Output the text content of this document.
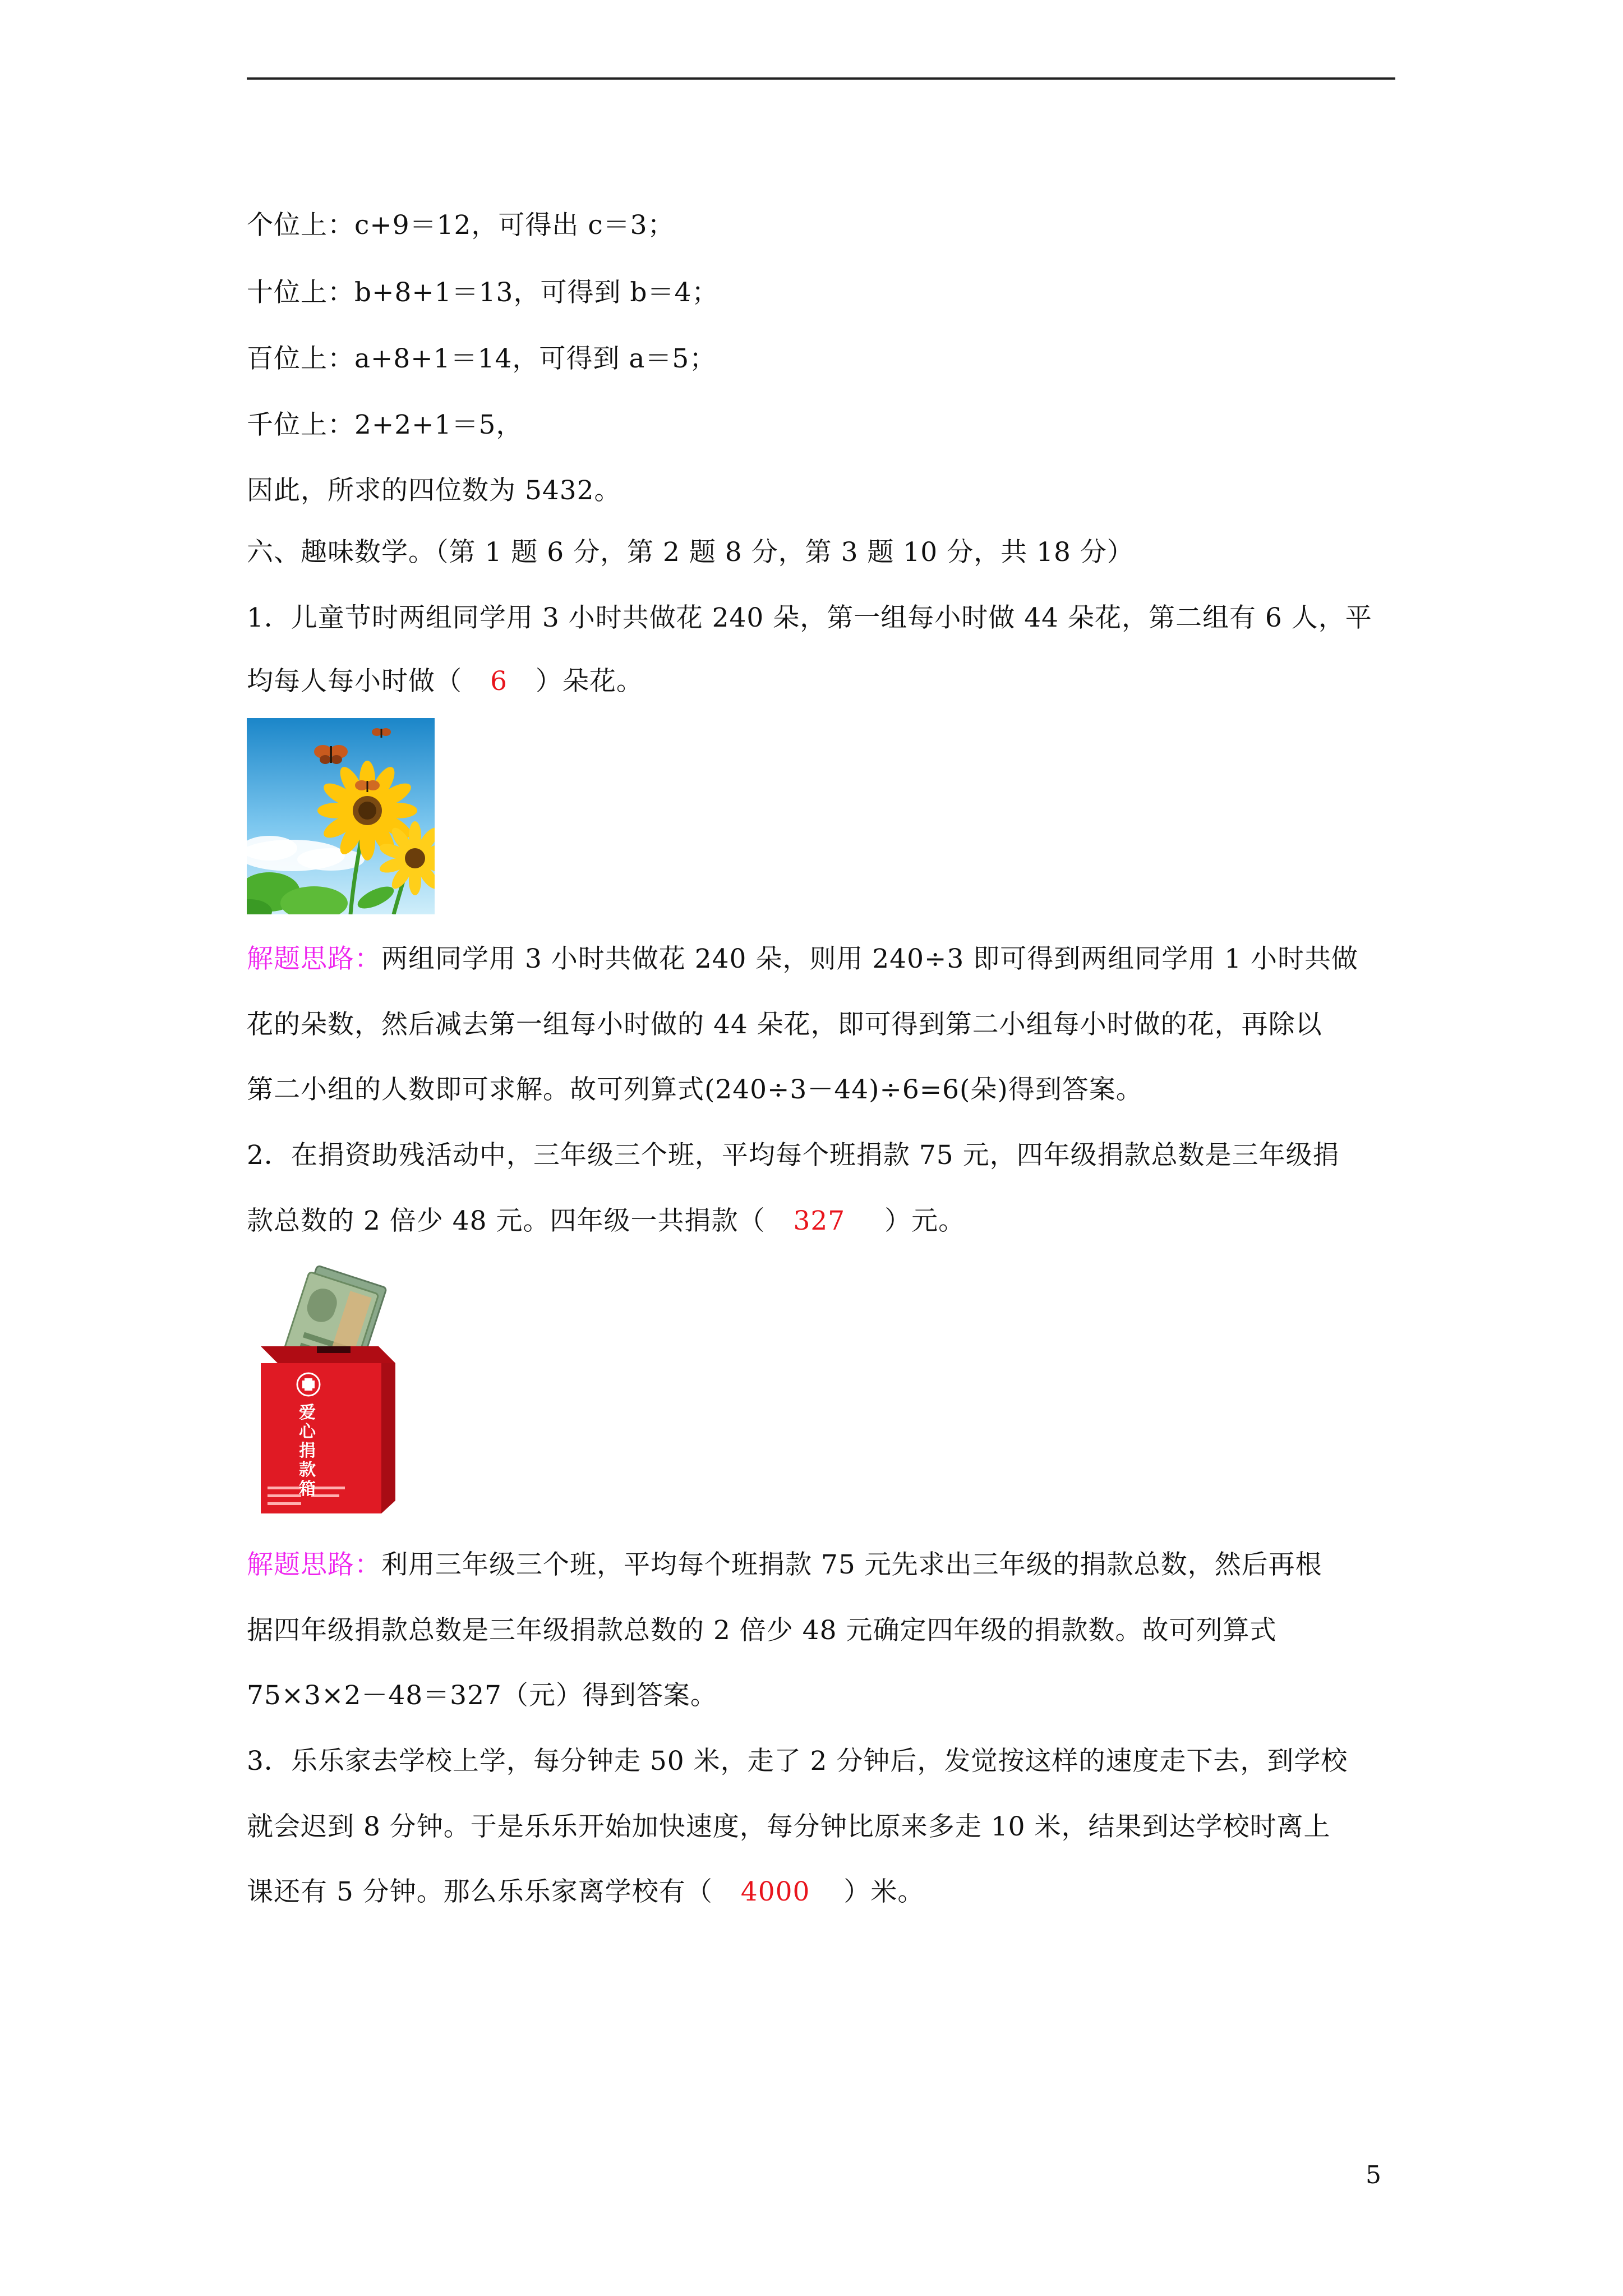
个位上：c+9＝12，可得出 c＝3；
十位上：b+8+1＝13，可得到 b＝4；
百位上：a+8+1＝14，可得到 a＝5；
千位上：2+2+1＝5，
因此，所求的四位数为 5432。
六、趣味数学。（第 1 题 6 分，第 2 题 8 分，第 3 题 10 分，共 18 分）
1．儿童节时两组同学用 3 小时共做花 240 朵，第一组每小时做 44 朵花，第二组有 6 人，平
均每人每小时做（ 6 ）朵花。
解题思路：两组同学用 3 小时共做花 240 朵，则用 240÷3 即可得到两组同学用 1 小时共做
花的朵数，然后减去第一组每小时做的 44 朵花，即可得到第二小组每小时做的花，再除以
第二小组的人数即可求解。故可列算式(240÷3－44)÷6=6(朵)得到答案。
2．在捐资助残活动中，三年级三个班，平均每个班捐款 75 元，四年级捐款总数是三年级捐
款总数的 2 倍少 48 元。四年级一共捐款（ 327 ）元。
爱心捐款箱
解题思路：利用三年级三个班，平均每个班捐款 75 元先求出三年级的捐款总数，然后再根
据四年级捐款总数是三年级捐款总数的 2 倍少 48 元确定四年级的捐款数。故可列算式
75×3×2－48＝327（元）得到答案。
3．乐乐家去学校上学，每分钟走 50 米，走了 2 分钟后，发觉按这样的速度走下去，到学校
就会迟到 8 分钟。于是乐乐开始加快速度，每分钟比原来多走 10 米，结果到达学校时离上
课还有 5 分钟。那么乐乐家离学校有（ 4000 ）米。
5
